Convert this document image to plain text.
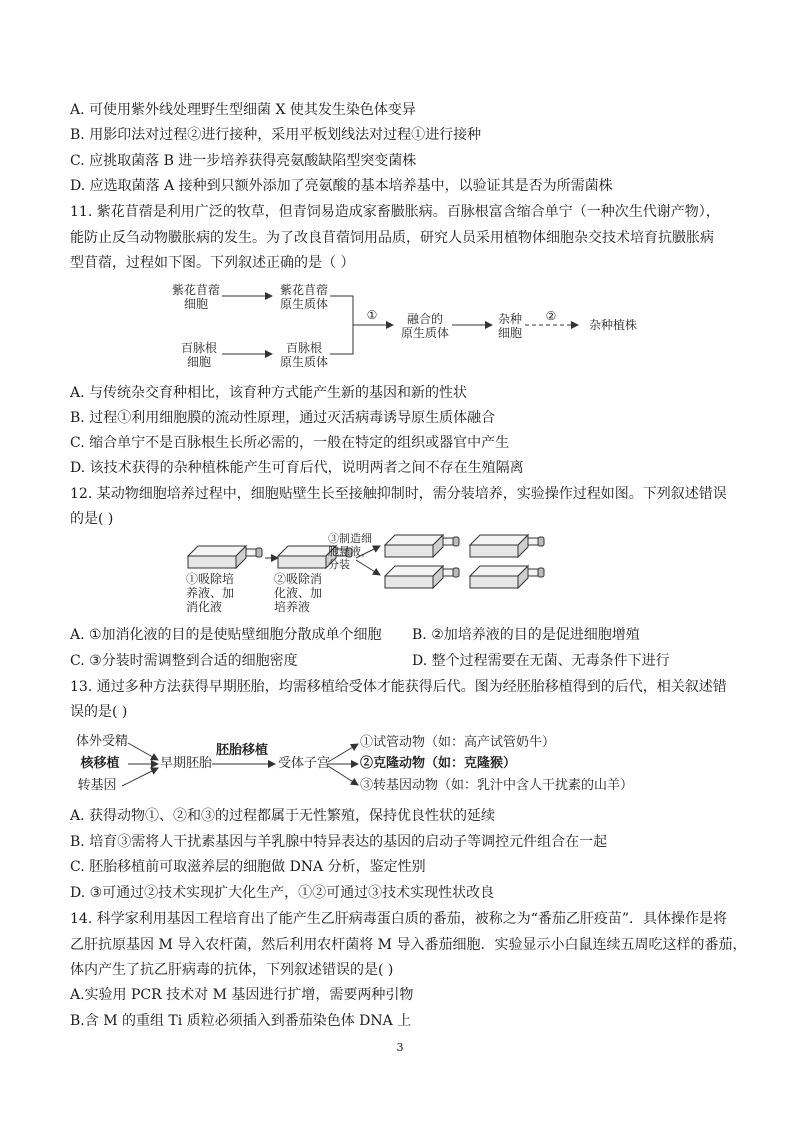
A. 可使用紫外线处理野生型细菌 X 使其发生染色体变异
B. 用影印法对过程②进行接种，采用平板划线法对过程①进行接种
C. 应挑取菌落 B 进一步培养获得亮氨酸缺陷型突变菌株
D. 应选取菌落 A 接种到只额外添加了亮氨酸的基本培养基中，以验证其是否为所需菌株
11. 紫花苜蓿是利用广泛的牧草，但青饲易造成家畜臌胀病。百脉根富含缩合单宁（一种次生代谢产物），
能防止反刍动物臌胀病的发生。为了改良苜蓿饲用品质，研究人员采用植物体细胞杂交技术培育抗臌胀病
型苜蓿，过程如下图。下列叙述正确的是（ ）
紫花苜蓿
细胞
紫花苜蓿
原生质体
百脉根
细胞
百脉根
原生质体
①	融合的
原生质体
杂种
细胞
②
杂种植株
A. 与传统杂交育种相比，该育种方式能产生新的基因和新的性状
B. 过程①利用细胞膜的流动性原理，通过灭活病毒诱导原生质体融合
C. 缩合单宁不是百脉根生长所必需的，一般在特定的组织或器官中产生
D. 该技术获得的杂种植株能产生可育后代，说明两者之间不存在生殖隔离
12. 某动物细胞培养过程中，细胞贴壁生长至接触抑制时，需分装培养，实验操作过程如图。下列叙述错误
的是( )
①吸除培
养液、加
消化液
②吸除消
化液、加
培养液
③制造细
胞悬液，
分装
A. ①加消化液的目的是使贴壁细胞分散成单个细胞 B. ②加培养液的目的是促进细胞增殖
C. ③分装时需调整到合适的细胞密度	D. 整个过程需要在无菌、无毒条件下进行
13. 通过多种方法获得早期胚胎，均需移植给受体才能获得后代。图为经胚胎移植得到的后代，相关叙述错
误的是( )
体外受精
核移植
转基因
早期胚胎
胚胎移植
受体子宫
①试管动物（如：高产试管奶牛）
②克隆动物（如：克隆猴）
③转基因动物（如：乳汁中含人干扰素的山羊）
A. 获得动物①、②和③的过程都属于无性繁殖，保持优良性状的延续
B. 培育③需将人干扰素基因与羊乳腺中特异表达的基因的启动子等调控元件组合在一起
C. 胚胎移植前可取滋养层的细胞做 DNA 分析，鉴定性别
D. ③可通过②技术实现扩大化生产，①②可通过③技术实现性状改良
14. 科学家利用基因工程培育出了能产生乙肝病毒蛋白质的番茄，被称之为“番茄乙肝疫苗”．具体操作是将
乙肝抗原基因 M 导入农杆菌，然后利用农杆菌将 M 导入番茄细胞．实验显示小白鼠连续五周吃这样的番茄，
体内产生了抗乙肝病毒的抗体，下列叙述错误的是( )
A.实验用 PCR 技术对 M 基因进行扩增，需要两种引物
B.含 M 的重组 Ti 质粒必须插入到番茄染色体 DNA 上
3
